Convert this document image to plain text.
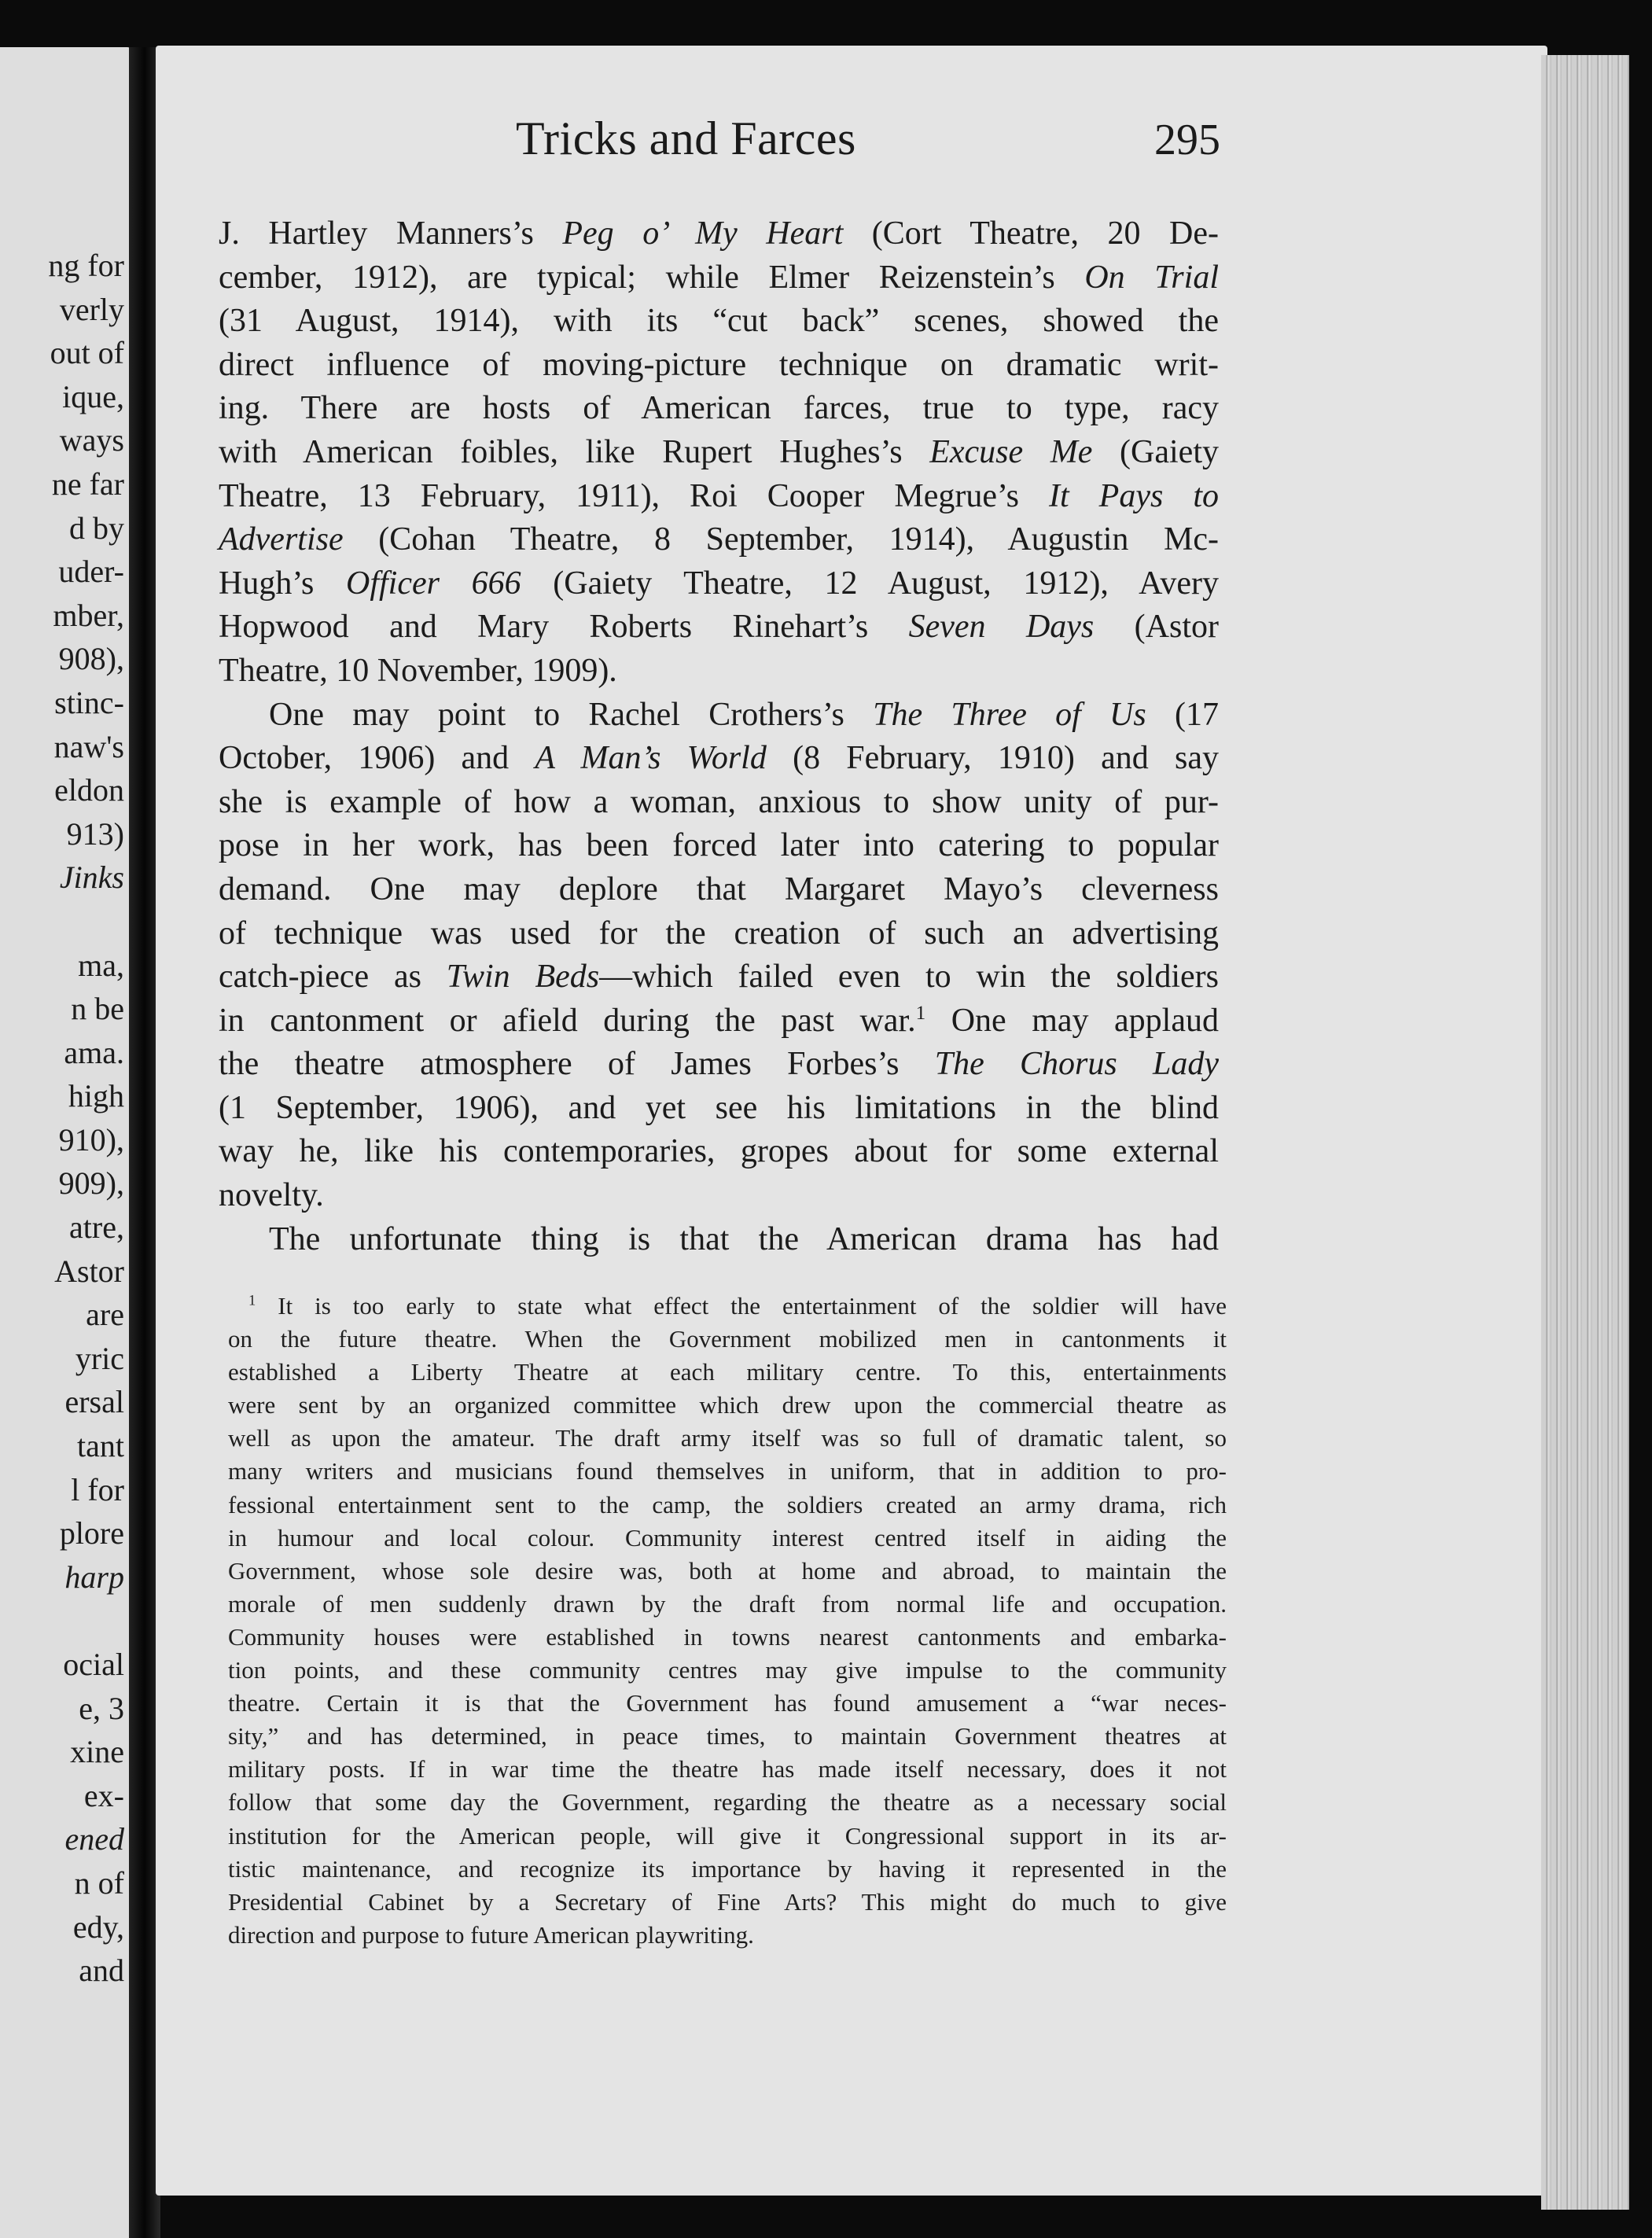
ng for
verly
out of
ique,
ways
ne far
d by
uder-
mber,
908),
stinc-
naw's
eldon
913)
Jinks
ma,
n be
ama.
high
910),
909),
atre,
Astor
are
yric
ersal
tant
l for
plore
harp
ocial
e, 3
xine
ex-
ened
n of
edy,
and
Tricks and Farces	295
J. Hartley Manners’s Peg o’ My Heart (Cort Theatre, 20 De-
cember, 1912), are typical; while Elmer Reizenstein’s On Trial
(31 August, 1914), with its “cut back” scenes, showed the
direct influence of moving-picture technique on dramatic writ-
ing. There are hosts of American farces, true to type, racy
with American foibles, like Rupert Hughes’s Excuse Me (Gaiety
Theatre, 13 February, 1911), Roi Cooper Megrue’s It Pays to
Advertise (Cohan Theatre, 8 September, 1914), Augustin Mc-
Hugh’s Officer 666 (Gaiety Theatre, 12 August, 1912), Avery
Hopwood and Mary Roberts Rinehart’s Seven Days (Astor
Theatre, 10 November, 1909).
One may point to Rachel Crothers’s The Three of Us (17
October, 1906) and A Man’s World (8 February, 1910) and say
she is example of how a woman, anxious to show unity of pur-
pose in her work, has been forced later into catering to popular
demand. One may deplore that Margaret Mayo’s cleverness
of technique was used for the creation of such an advertising
catch-piece as Twin Beds—which failed even to win the soldiers
in cantonment or afield during the past war.$^1$ One may applaud
the theatre atmosphere of James Forbes’s The Chorus Lady
(1 September, 1906), and yet see his limitations in the blind
way he, like his contemporaries, gropes about for some external
novelty.
The unfortunate thing is that the American drama has had
$^1$ It is too early to state what effect the entertainment of the soldier will have
on the future theatre. When the Government mobilized men in cantonments it
established a Liberty Theatre at each military centre. To this, entertainments
were sent by an organized committee which drew upon the commercial theatre as
well as upon the amateur. The draft army itself was so full of dramatic talent, so
many writers and musicians found themselves in uniform, that in addition to pro-
fessional entertainment sent to the camp, the soldiers created an army drama, rich
in humour and local colour. Community interest centred itself in aiding the
Government, whose sole desire was, both at home and abroad, to maintain the
morale of men suddenly drawn by the draft from normal life and occupation.
Community houses were established in towns nearest cantonments and embarka-
tion points, and these community centres may give impulse to the community
theatre. Certain it is that the Government has found amusement a “war neces-
sity,” and has determined, in peace times, to maintain Government theatres at
military posts. If in war time the theatre has made itself necessary, does it not
follow that some day the Government, regarding the theatre as a necessary social
institution for the American people, will give it Congressional support in its ar-
tistic maintenance, and recognize its importance by having it represented in the
Presidential Cabinet by a Secretary of Fine Arts? This might do much to give
direction and purpose to future American playwriting.
